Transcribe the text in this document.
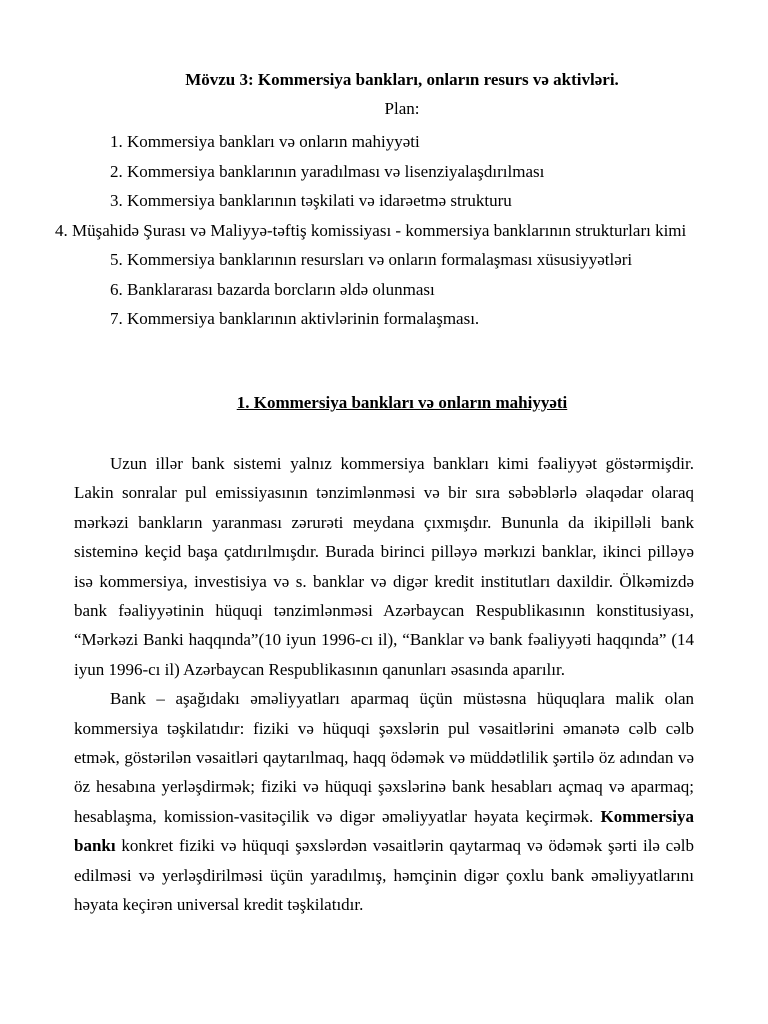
Mövzu 3: Kommersiya bankları, onların resurs və aktivləri.
Plan:
1. Kommersiya bankları və onların mahiyyəti
2. Kommersiya banklarının yaradılması və lisenziyalaşdırılması
3. Kommersiya banklarının təşkilati və idarəetmə strukturu
4. Müşahidə Şurası və Maliyyə-təftiş komissiyası - kommersiya banklarının strukturları kimi
5. Kommersiya banklarının resursları və onların formalaşması xüsusiyyətləri
6. Banklararası bazarda borcların əldə olunması
7. Kommersiya banklarının aktivlərinin formalaşması.
1. Kommersiya bankları və onların mahiyyəti

Uzun illər bank sistemi yalnız kommersiya bankları kimi fəaliyyət göstərmişdir. Lakin sonralar pul emissiyasının tənzimlənməsi və bir sıra səbəblərlə əlaqədar olaraq mərkəzi bankların yaranması zərurəti meydana çıxmışdır. Bununla da ikipilləli bank sisteminə keçid başa çatdırılmışdır. Burada birinci pilləyə mərkızi banklar, ikinci pilləyə isə kommersiya, investisiya və s. banklar və digər kredit institutları daxildir. Ölkəmizdə bank fəaliyyətinin hüquqi tənzimlənməsi Azərbaycan Respublikasının konstitusiyası, “Mərkəzi Banki haqqında”(10 iyun 1996-cı il), “Banklar və bank fəaliyyəti haqqında” (14 iyun 1996-cı il) Azərbaycan Respublikasının qanunları əsasında aparılır.

Bank – aşağıdakı əməliyyatları aparmaq üçün müstəsna hüquqlara malik olan kommersiya təşkilatıdır: fiziki və hüquqi şəxslərin pul vəsaitlərini əmanətə cəlb cəlb etmək, göstərilən vəsaitləri qaytarılmaq, haqq ödəmək və müddətlilik şərtilə öz adından və öz hesabına yerləşdirmək; fiziki və hüquqi şəxslərinə bank hesabları açmaq və aparmaq; hesablaşma, komission-vasitəçilik və digər əməliyyatlar həyata keçirmək. Kommersiya bankı konkret fiziki və hüquqi şəxslərdən vəsaitlərin qaytarmaq və ödəmək şərti ilə cəlb edilməsi və yerləşdirilməsi üçün yaradılmış, həmçinin digər çoxlu bank əməliyyatlarını həyata keçirən universal kredit təşkilatıdır.
